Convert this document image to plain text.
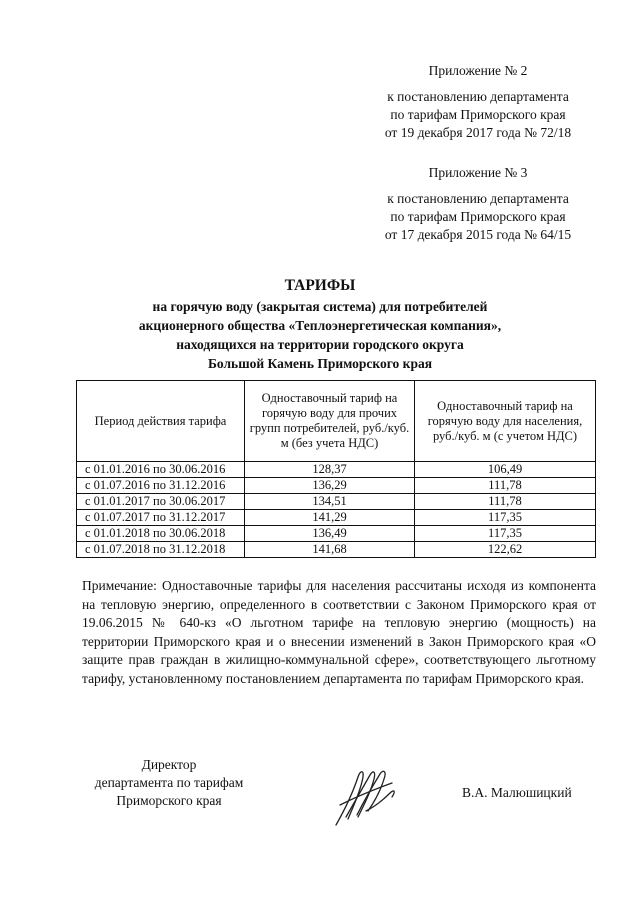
Приложение № 2
к постановлению департамента
по тарифам Приморского края
от 19 декабря 2017 года № 72/18
Приложение № 3
к постановлению департамента
по тарифам Приморского края
от 17 декабря 2015 года № 64/15
ТАРИФЫ
на горячую воду (закрытая система) для потребителей
акционерного общества «Теплоэнергетическая компания»,
находящихся на территории городского округа
Большой Камень Приморского края
Период действия тарифа	Одноставочный тариф на горячую воду для прочих групп потребителей, руб./куб. м (без учета НДС)	Одноставочный тариф на горячую воду для населения, руб./куб. м (с учетом НДС)
с 01.01.2016 по 30.06.2016	128,37	106,49
с 01.07.2016 по 31.12.2016	136,29	111,78
с 01.01.2017 по 30.06.2017	134,51	111,78
с 01.07.2017 по 31.12.2017	141,29	117,35
с 01.01.2018 по 30.06.2018	136,49	117,35
с 01.07.2018 по 31.12.2018	141,68	122,62
Примечание: Одноставочные тарифы для населения рассчитаны исходя из компонента на тепловую энергию, определенного в соответствии с Законом Приморского края от 19.06.2015 № 640-кз «О льготном тарифе на тепловую энергию (мощность) на территории Приморского края и о внесении изменений в Закон Приморского края «О защите прав граждан в жилищно-коммунальной сфере», соответствующего льготному тарифу, установленному постановлением департамента по тарифам Приморского края.
Директор
департамента по тарифам
Приморского края
В.А. Малюшицкий
